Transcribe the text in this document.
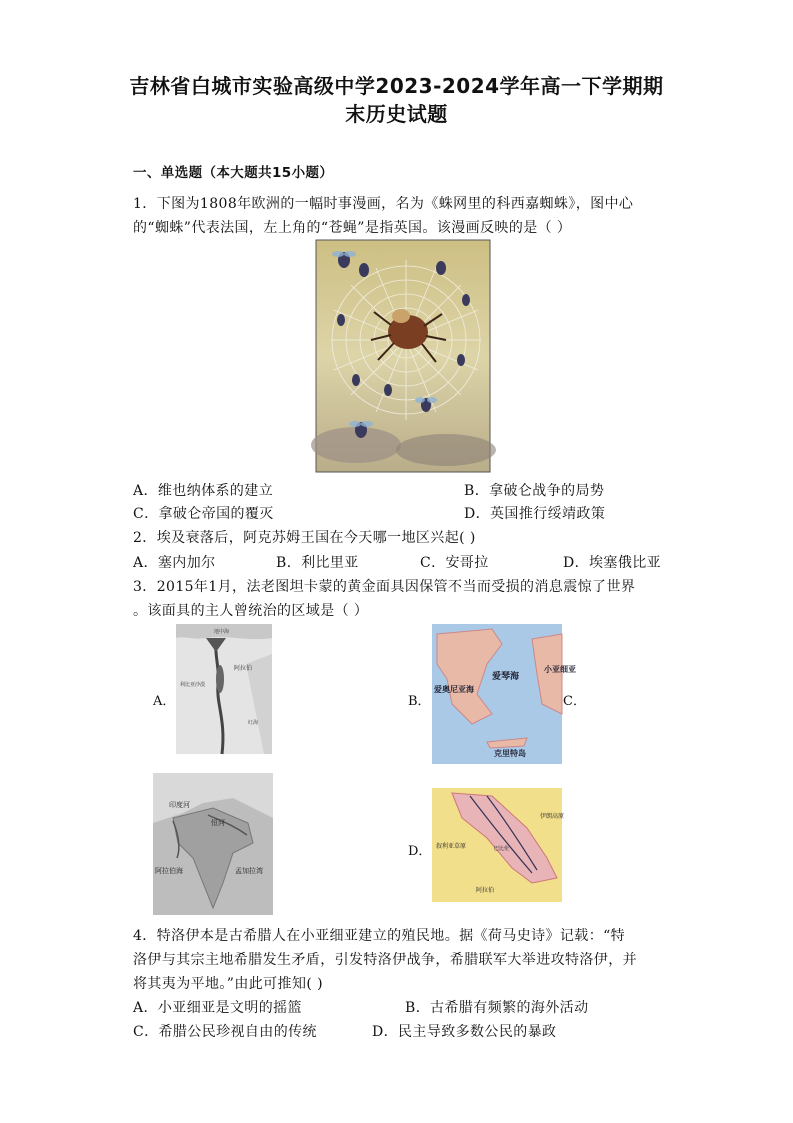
吉林省白城市实验高级中学2023-2024学年高一下学期期
末历史试题
一、单选题（本大题共15小题）
1．下图为1808年欧洲的一幅时事漫画，名为《蛛网里的科西嘉蜘蛛》，图中心
的“蜘蛛”代表法国，左上角的“苍蝇”是指英国。该漫画反映的是（ ）
A．维也纳体系的建立	B．拿破仑战争的局势
C．拿破仑帝国的覆灭	D．英国推行绥靖政策
2．埃及衰落后，阿克苏姆王国在今天哪一地区兴起( )
A．塞内加尔	B．利比里亚	C．安哥拉	D．埃塞俄比亚
3．2015年1月，法老图坦卡蒙的黄金面具因保管不当而受损的消息震惊了世界
。该面具的主人曾统治的区域是（ ）
A．
地中海
阿拉伯
利比亚沙漠
红海
B．
爱琴海
克里特岛
爱奥尼亚海
小亚细亚
C．
印度河
恒河
阿拉伯海	孟加拉湾
D．
伊朗高原
叙利亚草原
阿拉伯
巴比伦
4．特洛伊本是古希腊人在小亚细亚建立的殖民地。据《荷马史诗》记载：“特
洛伊与其宗主地希腊发生矛盾，引发特洛伊战争，希腊联军大举进攻特洛伊，并
将其夷为平地。”由此可推知( )
A．小亚细亚是文明的摇篮	B．古希腊有频繁的海外活动
C．希腊公民珍视自由的传统	D．民主导致多数公民的暴政
